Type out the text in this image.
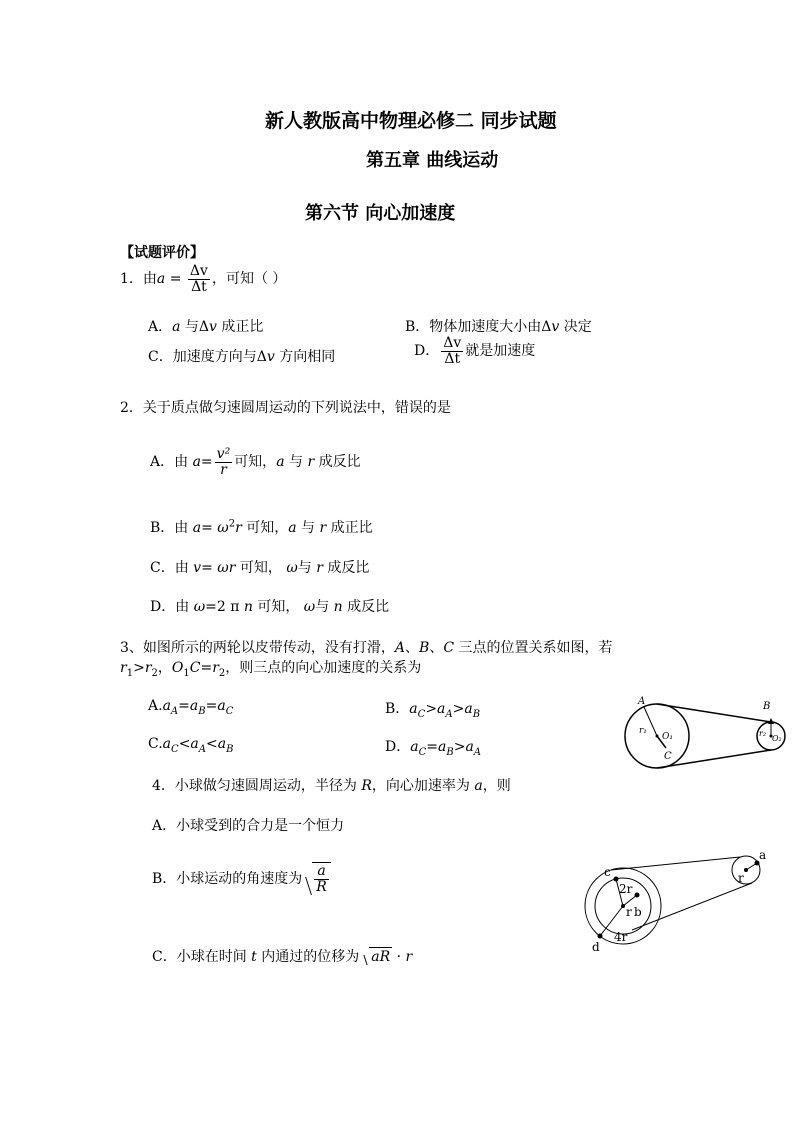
新人教版高中物理必修二 同步试题
第五章 曲线运动
第六节 向心加速度
【试题评价】
1．由$a = \frac{\Delta v}{\Delta t}$ ，可知（ ）
A．a 与Δv 成正比	B．物体加速度大小由Δv 决定
C．加速度方向与Δv 方向相同	D． $\frac{\Delta v}{\Delta t}$ 就是加速度
2．关于质点做匀速圆周运动的下列说法中，错误的是
A．由 $a= \frac{\text{v²}}{r}$ 可知，a 与 r 成反比
B．由 $a= \omega^2r$ 可知，a 与 r 成正比
C．由 v= ωr 可知， ω与 r 成反比
D．由 ω=2 π n 可知， ω与 n 成反比
3、如图所示的两轮以皮带传动，没有打滑，A、B、C 三点的位置关系如图，若
$r_1>r_2$，$O_1C=r_2$，则三点的向心加速度的关系为
$A.a_A=a_B=a_C$	B．$a_C>a_A>a_B$
$C.a_C<a_A<a_B$	D．$a_C=a_B>a_A$
A	B
C
O₁	O₂
r₁	r₂
4．小球做匀速圆周运动，半径为 R，向心加速率为 a，则
A．小球受到的合力是一个恒力
B．小球运动的角速度为 $\frac{a}{R}$
C．小球在时间 t 内通过的位移为 aR · r
a
r
c
2r
r b
4r
d
